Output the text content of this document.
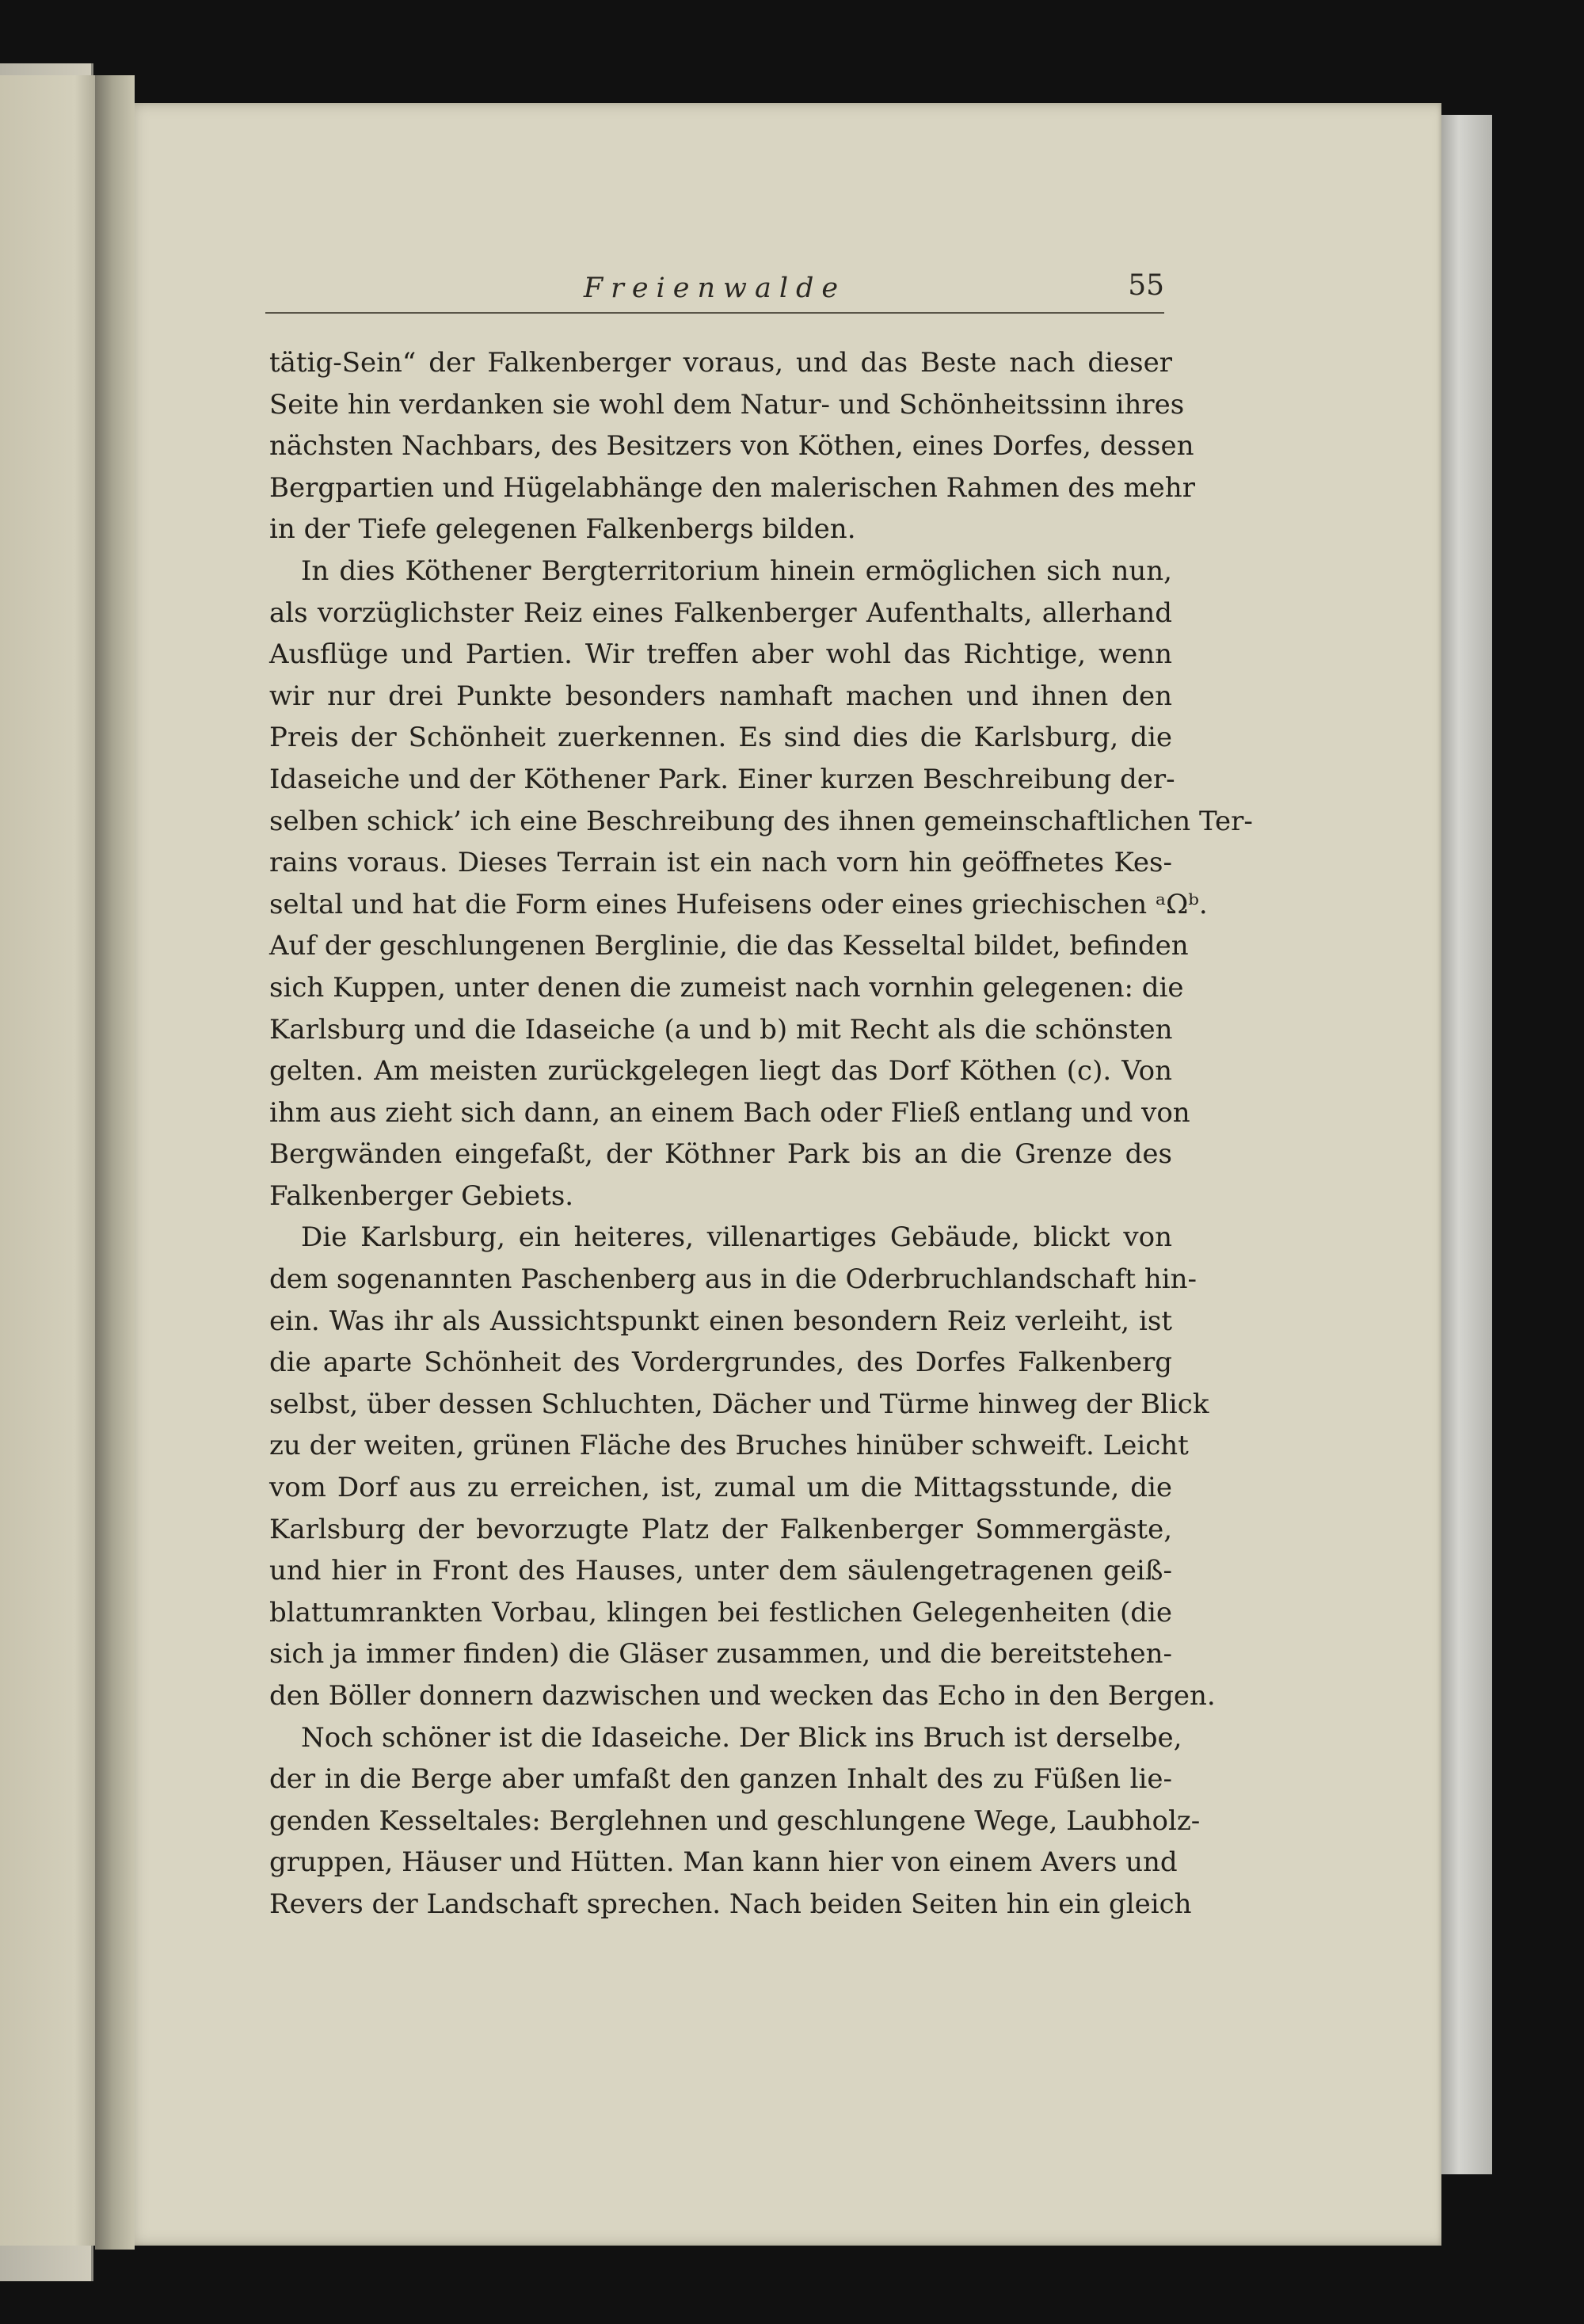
Freienwalde	55
tätig-Sein“ der Falkenberger voraus, und das Beste nach dieser
Seite hin verdanken sie wohl dem Natur- und Schönheitssinn ihres
nächsten Nachbars, des Besitzers von Köthen, eines Dorfes, dessen
Bergpartien und Hügelabhänge den malerischen Rahmen des mehr
in der Tiefe gelegenen Falkenbergs bilden.
In dies Köthener Bergterritorium hinein ermöglichen sich nun,
als vorzüglichster Reiz eines Falkenberger Aufenthalts, allerhand
Ausflüge und Partien. Wir treffen aber wohl das Richtige, wenn
wir nur drei Punkte besonders namhaft machen und ihnen den
Preis der Schönheit zuerkennen. Es sind dies die Karlsburg, die
Idaseiche und der Köthener Park. Einer kurzen Beschreibung der-
selben schick’ ich eine Beschreibung des ihnen gemeinschaftlichen Ter-
rains voraus. Dieses Terrain ist ein nach vorn hin geöffnetes Kes-
seltal und hat die Form eines Hufeisens oder eines griechischen ᵃΩᵇ.
Auf der geschlungenen Berglinie, die das Kesseltal bildet, befinden
sich Kuppen, unter denen die zumeist nach vornhin gelegenen: die
Karlsburg und die Idaseiche (a und b) mit Recht als die schönsten
gelten. Am meisten zurückgelegen liegt das Dorf Köthen (c). Von
ihm aus zieht sich dann, an einem Bach oder Fließ entlang und von
Bergwänden eingefaßt, der Köthner Park bis an die Grenze des
Falkenberger Gebiets.
Die Karlsburg, ein heiteres, villenartiges Gebäude, blickt von
dem sogenannten Paschenberg aus in die Oderbruchlandschaft hin-
ein. Was ihr als Aussichtspunkt einen besondern Reiz verleiht, ist
die aparte Schönheit des Vordergrundes, des Dorfes Falkenberg
selbst, über dessen Schluchten, Dächer und Türme hinweg der Blick
zu der weiten, grünen Fläche des Bruches hinüber schweift. Leicht
vom Dorf aus zu erreichen, ist, zumal um die Mittagsstunde, die
Karlsburg der bevorzugte Platz der Falkenberger Sommergäste,
und hier in Front des Hauses, unter dem säulengetragenen geiß-
blattumrankten Vorbau, klingen bei festlichen Gelegenheiten (die
sich ja immer finden) die Gläser zusammen, und die bereitstehen-
den Böller donnern dazwischen und wecken das Echo in den Bergen.
Noch schöner ist die Idaseiche. Der Blick ins Bruch ist derselbe,
der in die Berge aber umfaßt den ganzen Inhalt des zu Füßen lie-
genden Kesseltales: Berglehnen und geschlungene Wege, Laubholz-
gruppen, Häuser und Hütten. Man kann hier von einem Avers und
Revers der Landschaft sprechen. Nach beiden Seiten hin ein gleich
